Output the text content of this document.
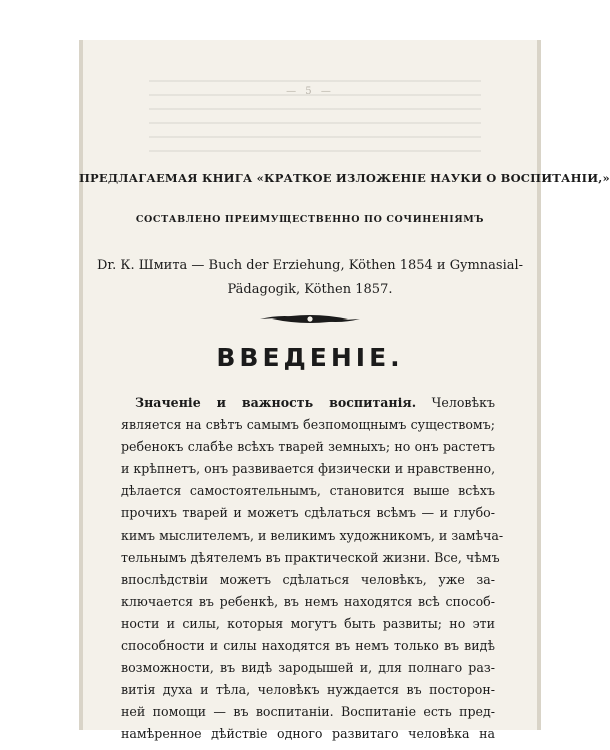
— 5 —
ПРЕДЛАГАЕМАЯ КНИГА «КРАТКОЕ ИЗЛОЖЕНІЕ НАУКИ О ВОСПИТАНІИ,»
СОСТАВЛЕНО ПРЕИМУЩЕСТВЕННО ПО СОЧИНЕНІЯМЪ
Dr. К. Шмита — Buch der Erziehung, Köthen 1854 и Gymnasial-
Pädagogik, Köthen 1857.
ВВЕДЕНІЕ.
Значеніе и важность воспитанія. Человѣкъ
является на свѣтъ самымъ безпомощнымъ существомъ;
ребенокъ слабѣе всѣхъ тварей земныхъ; но онъ растетъ
и крѣпнетъ, онъ развивается физически и нравственно,
дѣлается самостоятельнымъ, становится выше всѣхъ
прочихъ тварей и можетъ сдѣлаться всѣмъ — и глубо-
кимъ мыслителемъ, и великимъ художникомъ, и замѣча-
тельнымъ дѣятелемъ въ практической жизни. Все, чѣмъ
впослѣдствіи можетъ сдѣлаться человѣкъ, уже за-
ключается въ ребенкѣ, въ немъ находятся всѣ способ-
ности и силы, которыя могутъ быть развиты; но эти
способности и силы находятся въ немъ только въ видѣ
возможности, въ видѣ зародышей и, для полнаго раз-
витія духа и тѣла, человѣкъ нуждается въ посторон-
ней помощи — въ воспитаніи. Воспитаніе есть пред-
намѣренное дѣйствіе одного развитаго человѣка на
